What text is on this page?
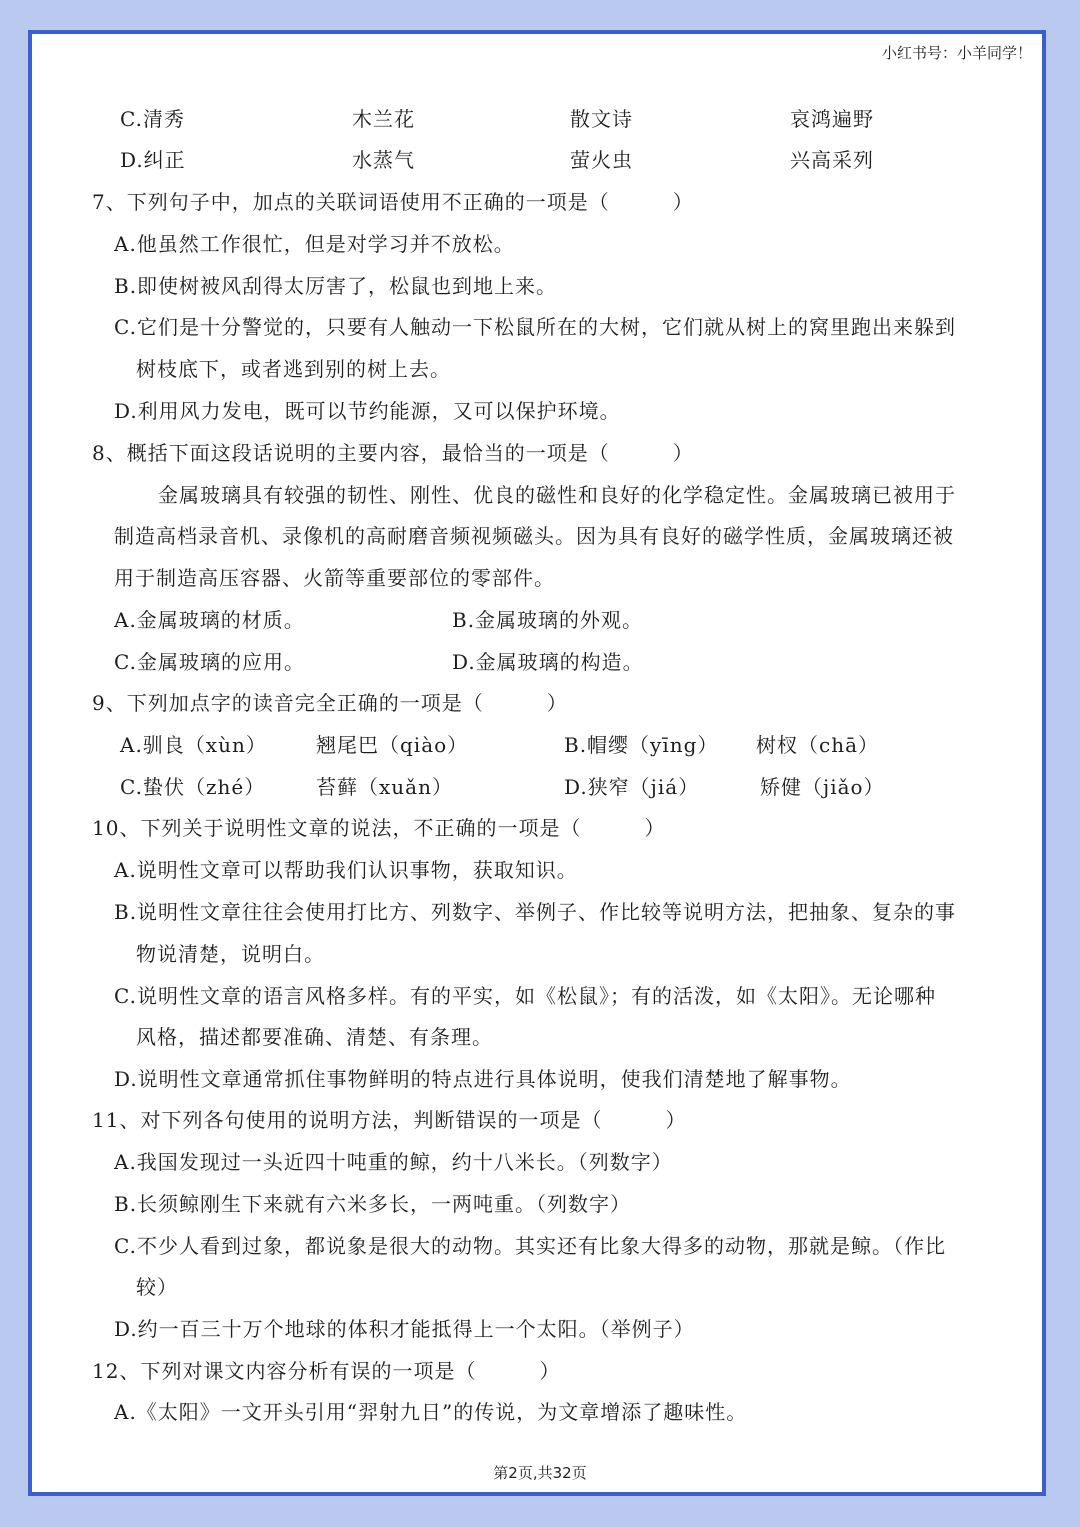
小红书号：小羊同学！
C.清秀	木兰花	散文诗	哀鸿遍野
D.纠正	水蒸气	萤火虫	兴高采列
7、下列句子中，加点的关联词语使用不正确的一项是（　　　）
A.他虽然工作很忙，但是对学习并不放松。
B.即使树被风刮得太厉害了，松鼠也到地上来。
C.它们是十分警觉的，只要有人触动一下松鼠所在的大树，它们就从树上的窝里跑出来躲到
树枝底下，或者逃到别的树上去。
D.利用风力发电，既可以节约能源，又可以保护环境。
8、概括下面这段话说明的主要内容，最恰当的一项是（　　　）
金属玻璃具有较强的韧性、刚性、优良的磁性和良好的化学稳定性。金属玻璃已被用于
制造高档录音机、录像机的高耐磨音频视频磁头。因为具有良好的磁学性质，金属玻璃还被
用于制造高压容器、火箭等重要部位的零部件。
A.金属玻璃的材质。	B.金属玻璃的外观。
C.金属玻璃的应用。	D.金属玻璃的构造。
9、下列加点字的读音完全正确的一项是（　　　）
A.驯良（xùn） 翘尾巴（qiào）	B.帽缨（yīng） 树杈（chā）
C.蛰伏（zhé）	苔藓（xuǎn）	D.狭窄（jiá）	矫健（jiǎo）
10、下列关于说明性文章的说法，不正确的一项是（　　　）
A.说明性文章可以帮助我们认识事物，获取知识。
B.说明性文章往往会使用打比方、列数字、举例子、作比较等说明方法，把抽象、复杂的事
物说清楚，说明白。
C.说明性文章的语言风格多样。有的平实，如《松鼠》；有的活泼，如《太阳》。无论哪种
风格，描述都要准确、清楚、有条理。
D.说明性文章通常抓住事物鲜明的特点进行具体说明，使我们清楚地了解事物。
11、对下列各句使用的说明方法，判断错误的一项是（　　　）
A.我国发现过一头近四十吨重的鲸，约十八米长。（列数字）
B.长须鲸刚生下来就有六米多长，一两吨重。（列数字）
C.不少人看到过象，都说象是很大的动物。其实还有比象大得多的动物，那就是鲸。（作比
较）
D.约一百三十万个地球的体积才能抵得上一个太阳。（举例子）
12、下列对课文内容分析有误的一项是（　　　）
A.《太阳》一文开头引用“羿射九日”的传说，为文章增添了趣味性。
第2页,共32页
